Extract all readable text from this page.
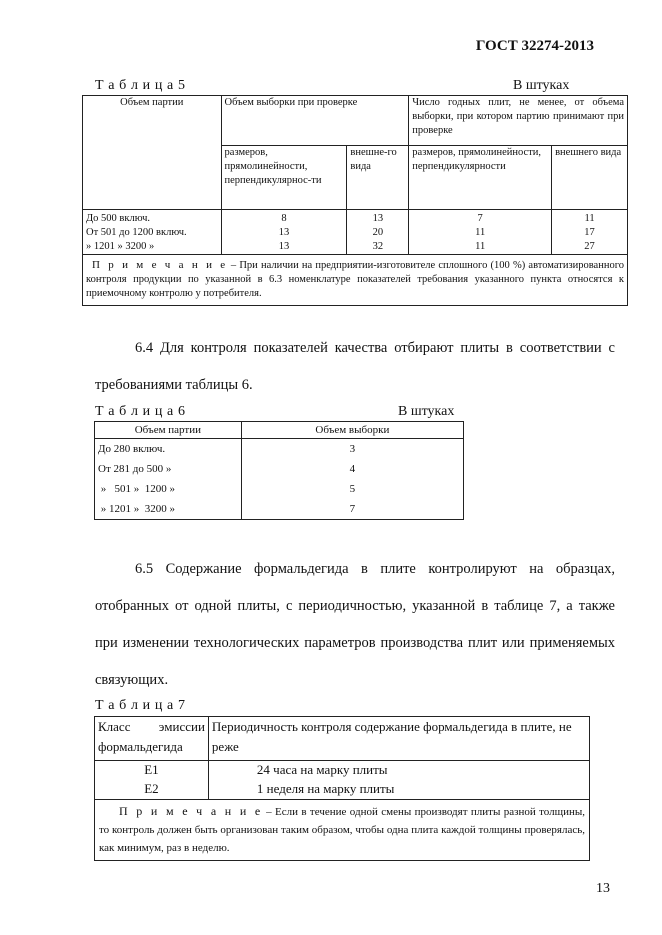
ГОСТ 32274-2013
Т а б л и ц а 5	В штуках
Объем партии	Объем выборки при проверке		Число годных плит, не менее, от объема выборки, при котором партию принимают при проверке	
	размеров, прямолинейности, перпендикулярнос-ти	внешне-го вида	размеров, прямолинейности, перпендикулярности	внешнего вида
До 500 включ.	8	13	7	11
От 501 до 1200 включ.	13	20	11	17
» 1201 » 3200 »	13	32	11	27
П р и м е ч а н и е – При наличии на предприятии-изготовителе сплошного (100 %) автоматизированного контроля продукции по указанной в 6.3 номенклатуре показателей требования указанного пункта относятся к приемочному контролю у потребителя.				

6.4 Для контроля показателей качества отбирают плиты в соответствии с требованиями таблицы 6.

Т а б л и ц а 6	В штуках
Объем партии	Объем выборки
До 280 включ.	3
От 281 до 500 »	4
»   501 »  1200 »	5
» 1201 »  3200 »	7

6.5 Содержание формальдегида в плите контролируют на образцах, отобранных от одной плиты, с периодичностью, указанной в таблице 7, а также при изменении технологических параметров производства плит или применяемых связующих.

Т а б л и ц а 7
Класс эмиссии формальдегида	Периодичность контроля содержание формальдегида в плите, не реже
Е1	24 часа на марку плиты
Е2	1 неделя на марку плиты
П р и м е ч а н и е – Если в течение одной смены производят плиты разной толщины, то контроль должен быть организован таким образом, чтобы одна плита каждой толщины проверялась, как минимум, раз в неделю.	
13
